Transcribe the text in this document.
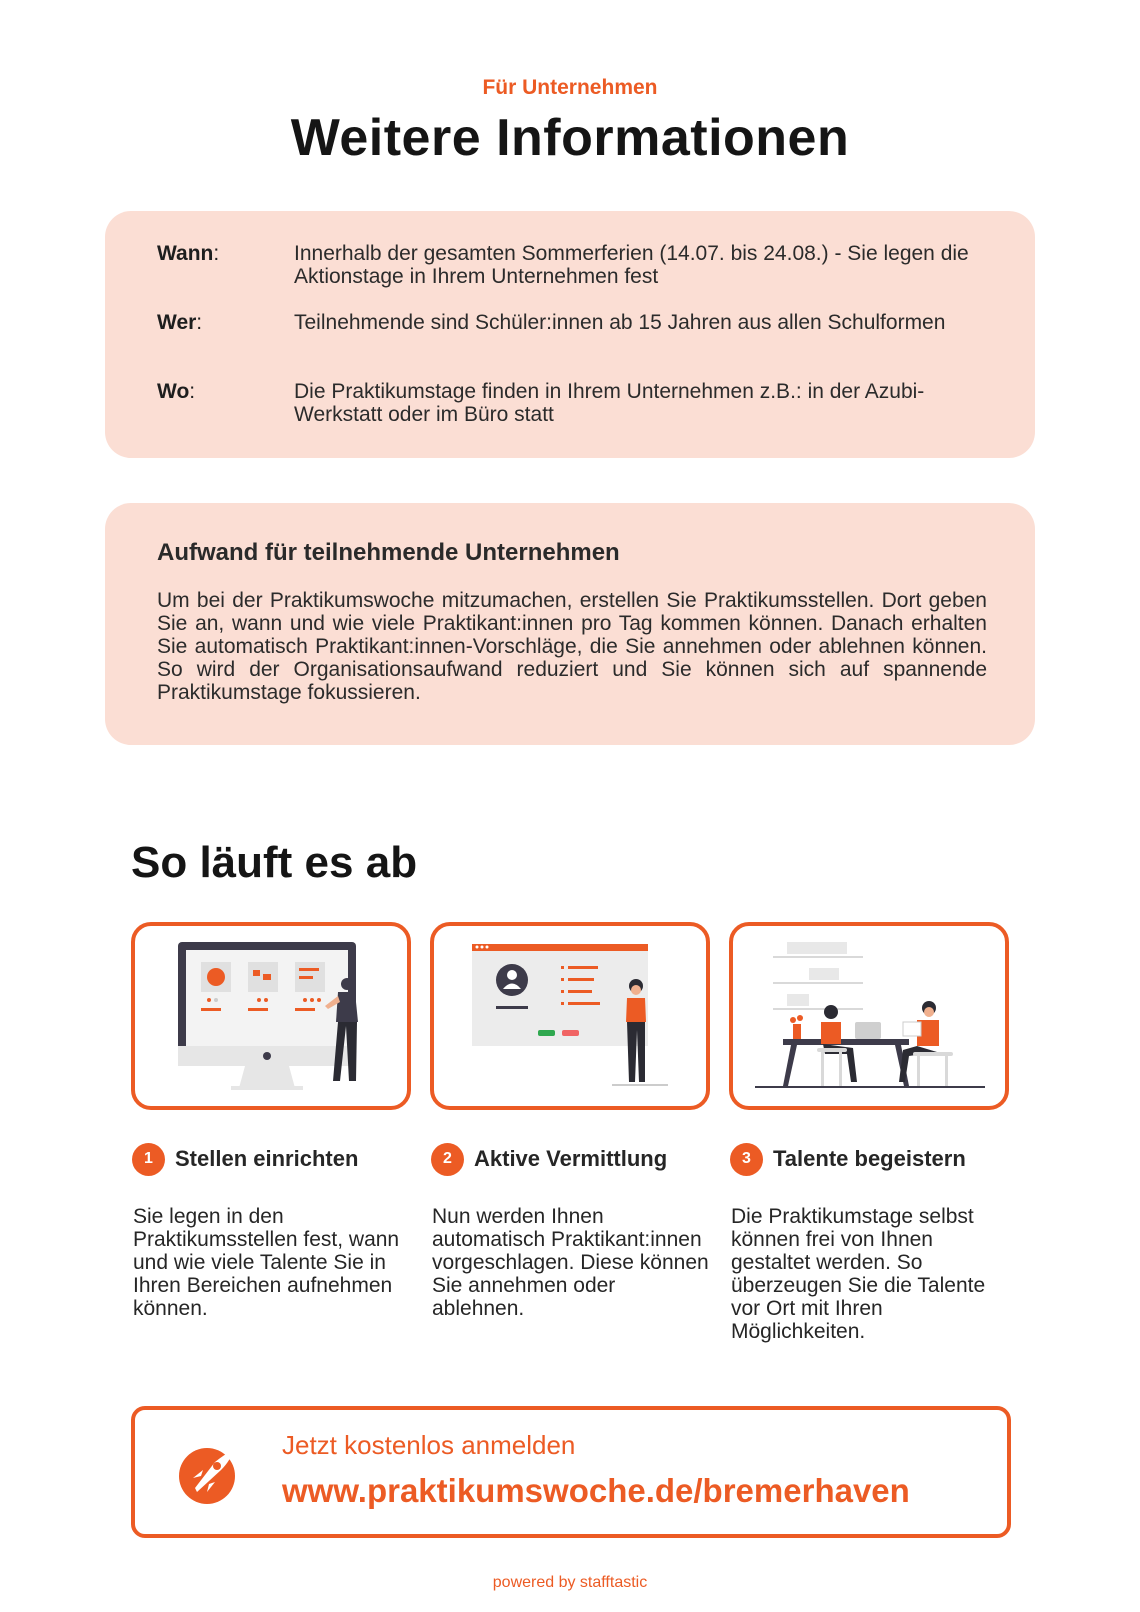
Für Unternehmen
Weitere Informationen
Wann:	Innerhalb der gesamten Sommerferien (14.07. bis 24.08.) - Sie legen die Aktionstage in Ihrem Unternehmen fest
Wer:	Teilnehmende sind Schüler:innen ab 15 Jahren aus allen Schulformen
Wo:	Die Praktikumstage finden in Ihrem Unternehmen z.B.: in der Azubi-Werkstatt oder im Büro statt
Aufwand für teilnehmende Unternehmen
Um bei der Praktikumswoche mitzumachen, erstellen Sie Praktikumsstellen. Dort geben Sie an, wann und wie viele Praktikant:innen pro Tag kommen können. Danach erhalten Sie automatisch Praktikant:innen-Vorschläge, die Sie annehmen oder ablehnen können. So wird der Organisationsaufwand reduziert und Sie können sich auf spannende Praktikumstage fokussieren.
So läuft es ab
1	Stellen einrichten	2	Aktive Vermittlung	3	Talente begeistern
Sie legen in den Praktikumsstellen fest, wann und wie viele Talente Sie in Ihren Bereichen aufnehmen können.
Nun werden Ihnen automatisch Praktikant:innen vorgeschlagen. Diese können Sie annehmen oder ablehnen.
Die Praktikumstage selbst können frei von Ihnen gestaltet werden. So überzeugen Sie die Talente vor Ort mit Ihren Möglichkeiten.
Jetzt kostenlos anmelden
www.praktikumswoche.de/bremerhaven
powered by stafftastic
